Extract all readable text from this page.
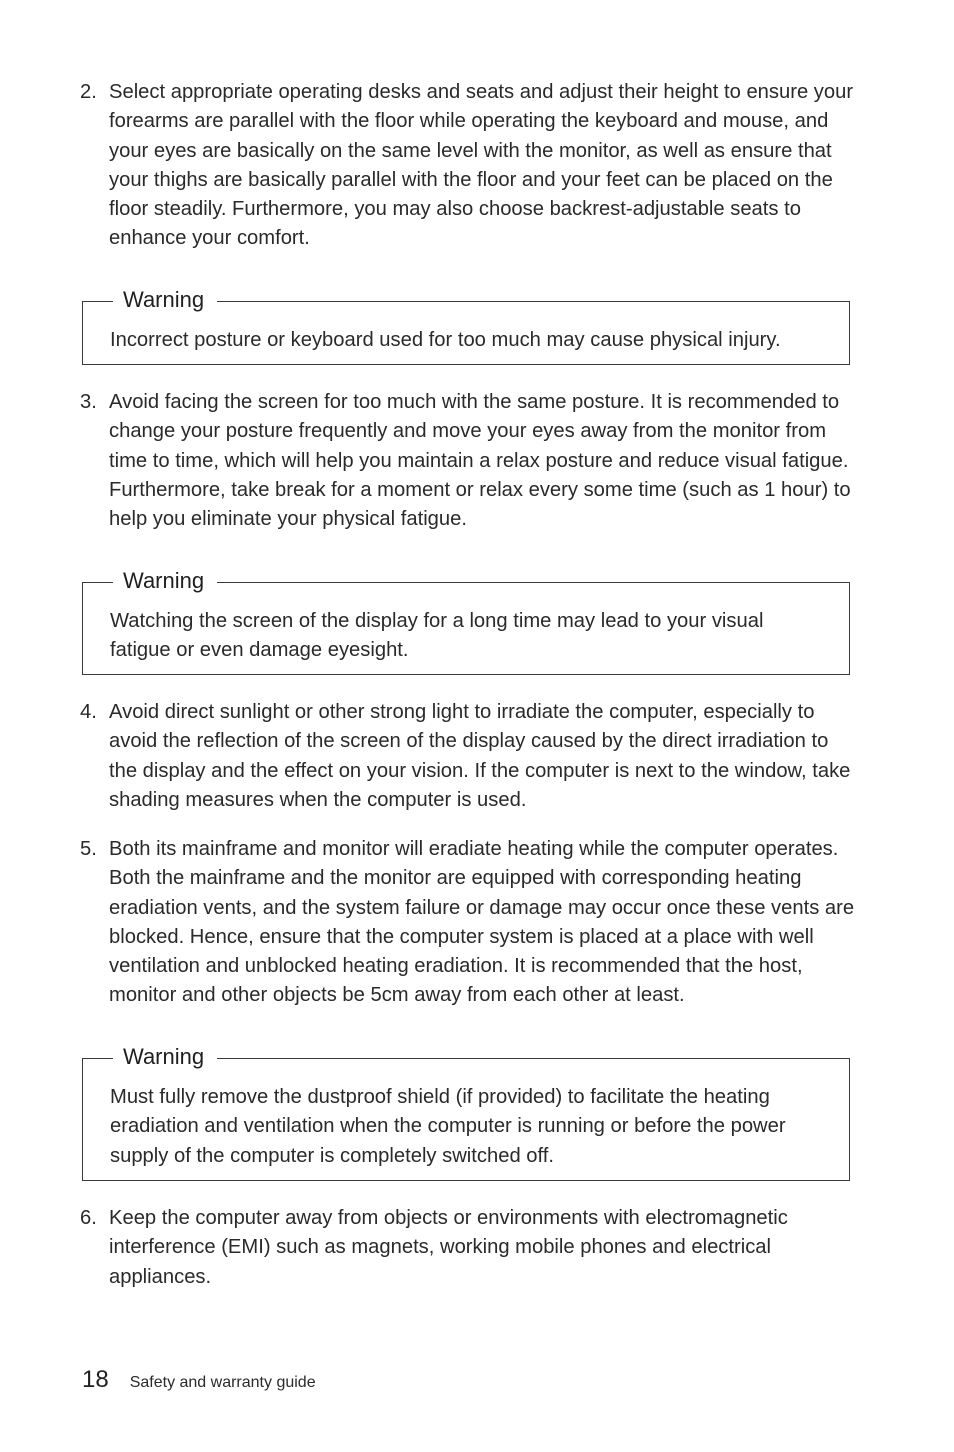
2. Select appropriate operating desks and seats and adjust their height to ensure your forearms are parallel with the floor while operating the keyboard and mouse, and your eyes are basically on the same level with the monitor, as well as ensure that your thighs are basically parallel with the floor and your feet can be placed on the floor steadily. Furthermore, you may also choose backrest-adjustable seats to enhance your comfort.
Warning
Incorrect posture or keyboard used for too much may cause physical injury.
3. Avoid facing the screen for too much with the same posture. It is recommended to change your posture frequently and move your eyes away from the monitor from time to time, which will help you maintain a relax posture and reduce visual fatigue. Furthermore, take break for a moment or relax every some time (such as 1 hour) to help you eliminate your physical fatigue.
Warning
Watching the screen of the display for a long time may lead to your visual fatigue or even damage eyesight.
4. Avoid direct sunlight or other strong light to irradiate the computer, especially to avoid the reflection of the screen of the display caused by the direct irradiation to the display and the effect on your vision. If the computer is next to the window, take shading measures when the computer is used.
5. Both its mainframe and monitor will eradiate heating while the computer operates. Both the mainframe and the monitor are equipped with corresponding heating eradiation vents, and the system failure or damage may occur once these vents are blocked. Hence, ensure that the computer system is placed at a place with well ventilation and unblocked heating eradiation. It is recommended that the host, monitor and other objects be 5cm away from each other at least.
Warning
Must fully remove the dustproof shield (if provided) to facilitate the heating eradiation and ventilation when the computer is running or before the power supply of the computer is completely switched off.
6. Keep the computer away from objects or environments with electromagnetic interference (EMI) such as magnets, working mobile phones and electrical appliances.
18 Safety and warranty guide
